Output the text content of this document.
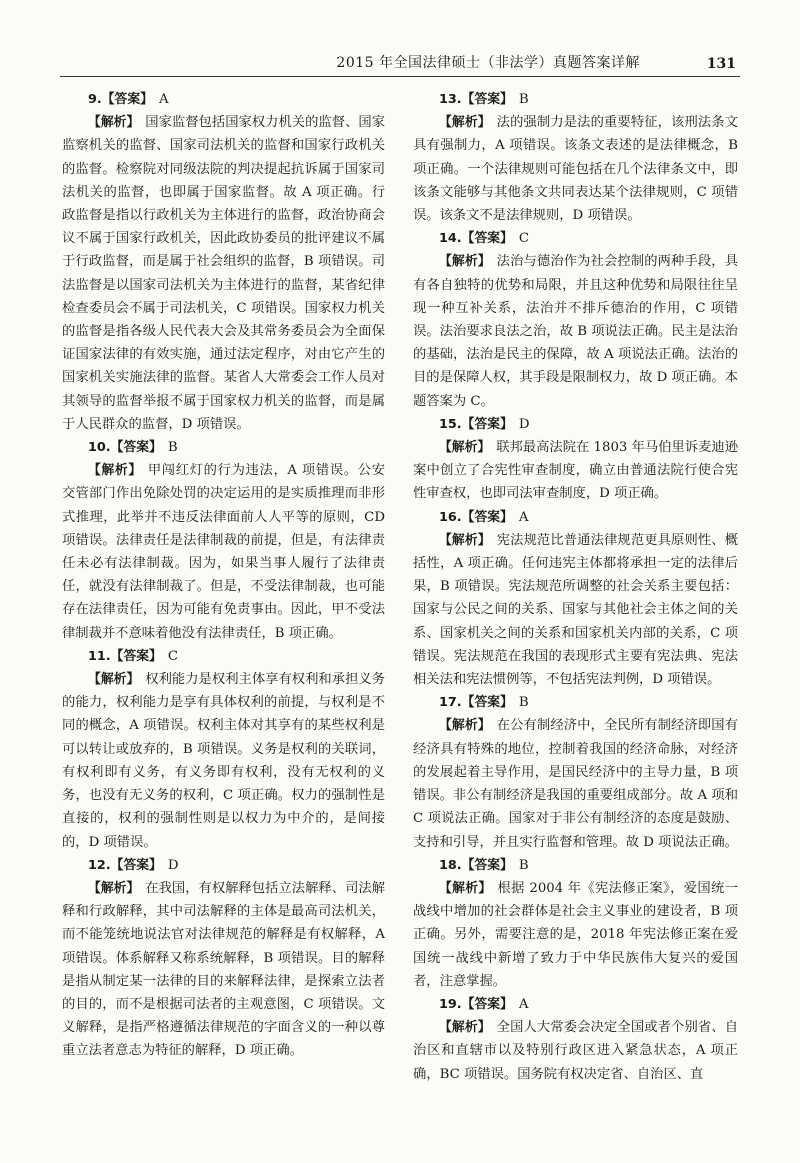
2015 年全国法律硕士（非法学）真题答案详解	131

9.【答案】 A

【解析】 国家监督包括国家权力机关的监督、国家监察机关的监督、国家司法机关的监督和国家行政机关的监督。检察院对同级法院的判决提起抗诉属于国家司法机关的监督，也即属于国家监督。故 A 项正确。行政监督是指以行政机关为主体进行的监督，政治协商会议不属于国家行政机关，因此政协委员的批评建议不属于行政监督，而是属于社会组织的监督，B 项错误。司法监督是以国家司法机关为主体进行的监督，某省纪律检查委员会不属于司法机关，C 项错误。国家权力机关的监督是指各级人民代表大会及其常务委员会为全面保证国家法律的有效实施，通过法定程序，对由它产生的国家机关实施法律的监督。某省人大常委会工作人员对其领导的监督举报不属于国家权力机关的监督，而是属于人民群众的监督，D 项错误。

10.【答案】 B

【解析】 甲闯红灯的行为违法，A 项错误。公安交管部门作出免除处罚的决定运用的是实质推理而非形式推理，此举并不违反法律面前人人平等的原则，CD 项错误。法律责任是法律制裁的前提，但是，有法律责任未必有法律制裁。因为，如果当事人履行了法律责任，就没有法律制裁了。但是，不受法律制裁，也可能存在法律责任，因为可能有免责事由。因此，甲不受法律制裁并不意味着他没有法律责任，B 项正确。

11.【答案】 C

【解析】 权利能力是权利主体享有权利和承担义务的能力，权利能力是享有具体权利的前提，与权利是不同的概念，A 项错误。权利主体对其享有的某些权利是可以转让或放弃的，B 项错误。义务是权利的关联词，有权利即有义务，有义务即有权利，没有无权利的义务，也没有无义务的权利，C 项正确。权力的强制性是直接的，权利的强制性则是以权力为中介的，是间接的，D 项错误。

12.【答案】 D

【解析】 在我国，有权解释包括立法解释、司法解释和行政解释，其中司法解释的主体是最高司法机关，而不能笼统地说法官对法律规范的解释是有权解释，A 项错误。体系解释又称系统解释，B 项错误。目的解释是指从制定某一法律的目的来解释法律，是探索立法者的目的，而不是根据司法者的主观意图，C 项错误。文义解释，是指严格遵循法律规范的字面含义的一种以尊重立法者意志为特征的解释，D 项正确。

13.【答案】 B

【解析】 法的强制力是法的重要特征，该刑法条文具有强制力，A 项错误。该条文表述的是法律概念，B 项正确。一个法律规则可能包括在几个法律条文中，即该条文能够与其他条文共同表达某个法律规则，C 项错误。该条文不是法律规则，D 项错误。

14.【答案】 C

【解析】 法治与德治作为社会控制的两种手段，具有各自独特的优势和局限，并且这种优势和局限往往呈现一种互补关系，法治并不排斥德治的作用，C 项错误。法治要求良法之治，故 B 项说法正确。民主是法治的基础，法治是民主的保障，故 A 项说法正确。法治的目的是保障人权，其手段是限制权力，故 D 项正确。本题答案为 C。

15.【答案】 D

【解析】 联邦最高法院在 1803 年马伯里诉麦迪逊案中创立了合宪性审查制度，确立由普通法院行使合宪性审查权，也即司法审查制度，D 项正确。

16.【答案】 A

【解析】 宪法规范比普通法律规范更具原则性、概括性，A 项正确。任何违宪主体都将承担一定的法律后果，B 项错误。宪法规范所调整的社会关系主要包括：国家与公民之间的关系、国家与其他社会主体之间的关系、国家机关之间的关系和国家机关内部的关系，C 项错误。宪法规范在我国的表现形式主要有宪法典、宪法相关法和宪法惯例等，不包括宪法判例，D 项错误。

17.【答案】 B

【解析】 在公有制经济中，全民所有制经济即国有经济具有特殊的地位，控制着我国的经济命脉，对经济的发展起着主导作用，是国民经济中的主导力量，B 项错误。非公有制经济是我国的重要组成部分。故 A 项和 C 项说法正确。国家对于非公有制经济的态度是鼓励、支持和引导，并且实行监督和管理。故 D 项说法正确。

18.【答案】 B

【解析】 根据 2004 年《宪法修正案》，爱国统一战线中增加的社会群体是社会主义事业的建设者，B 项正确。另外，需要注意的是，2018 年宪法修正案在爱国统一战线中新增了致力于中华民族伟大复兴的爱国者，注意掌握。

19.【答案】 A

【解析】 全国人大常委会决定全国或者个别省、自治区和直辖市以及特别行政区进入紧急状态，A 项正确，BC 项错误。国务院有权决定省、自治区、直
